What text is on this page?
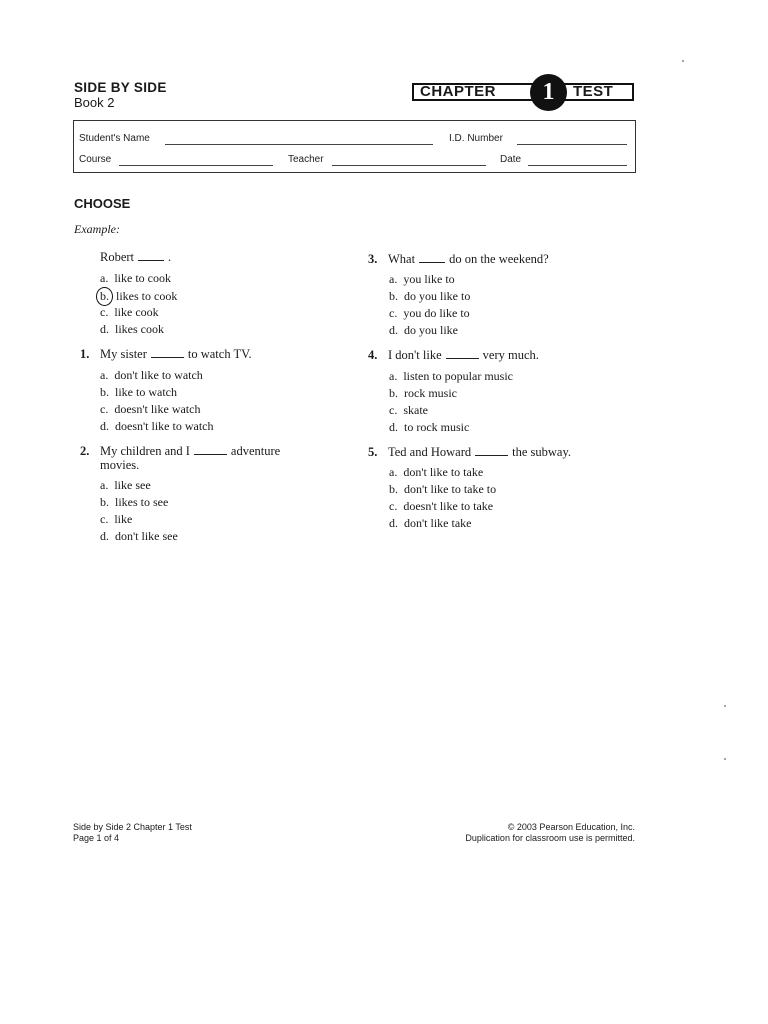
SIDE BY SIDE
Book 2
CHAPTER	1	TEST
Student's Name	I.D. Number
Course	Teacher	Date
CHOOSE
Example:
Robert	.
a. like to cook
b. likes to cook
c. like cook
d. likes cook
1. My sister	to watch TV.
a. don't like to watch
b. like to watch
c. doesn't like watch
d. doesn't like to watch
2. My children and I	adventure
movies.
a. like see
b. likes to see
c. like
d. don't like see
3. What	do on the weekend?
a. you like to
b. do you like to
c. you do like to
d. do you like
4. I don't like	very much.
a. listen to popular music
b. rock music
c. skate
d. to rock music
5. Ted and Howard	the subway.
a. don't like to take
b. don't like to take to
c. doesn't like to take
d. don't like take
Side by Side 2 Chapter 1 Test
Page 1 of 4
© 2003 Pearson Education, Inc.
Duplication for classroom use is permitted.
